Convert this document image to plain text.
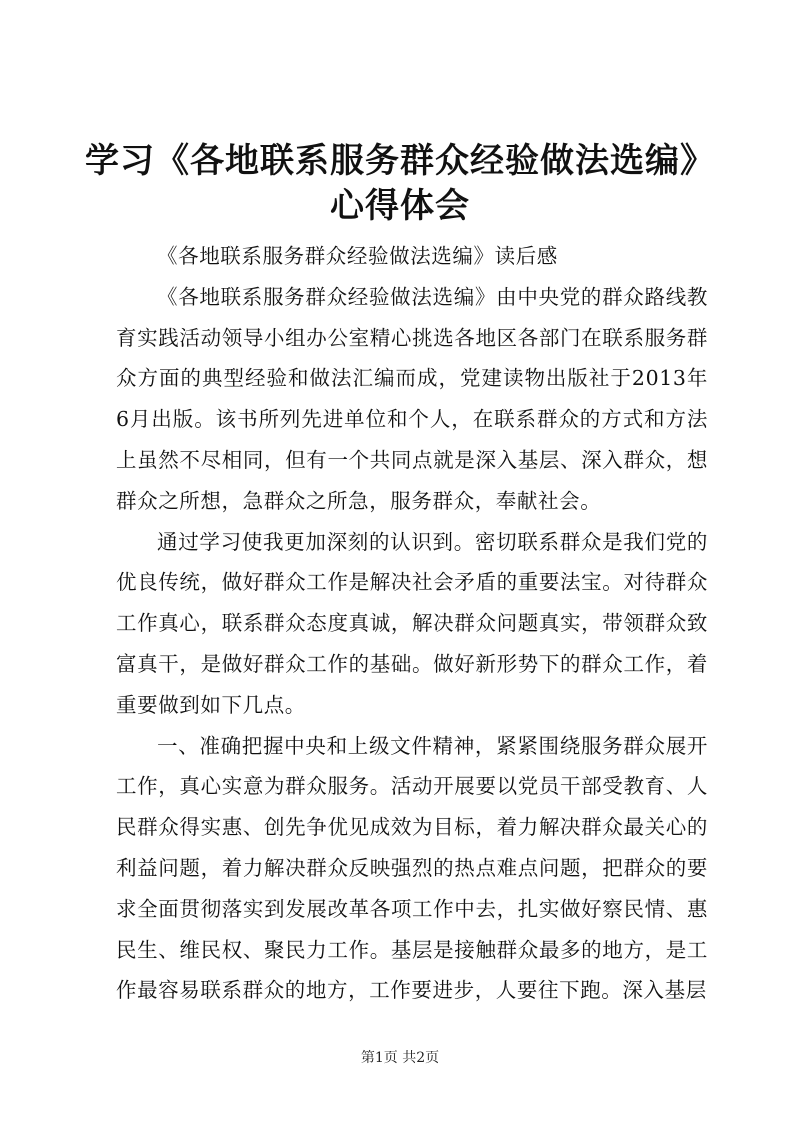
学习《各地联系服务群众经验做法选编》心得体会

《各地联系服务群众经验做法选编》读后感

《各地联系服务群众经验做法选编》由中央党的群众路线教育实践活动领导小组办公室精心挑选各地区各部门在联系服务群众方面的典型经验和做法汇编而成，党建读物出版社于2013年6月出版。该书所列先进单位和个人，在联系群众的方式和方法上虽然不尽相同，但有一个共同点就是深入基层、深入群众，想群众之所想，急群众之所急，服务群众，奉献社会。

通过学习使我更加深刻的认识到。密切联系群众是我们党的优良传统，做好群众工作是解决社会矛盾的重要法宝。对待群众工作真心，联系群众态度真诚，解决群众问题真实，带领群众致富真干，是做好群众工作的基础。做好新形势下的群众工作，着重要做到如下几点。

一、准确把握中央和上级文件精神，紧紧围绕服务群众展开工作，真心实意为群众服务。活动开展要以党员干部受教育、人民群众得实惠、创先争优见成效为目标，着力解决群众最关心的利益问题，着力解决群众反映强烈的热点难点问题，把群众的要求全面贯彻落实到发展改革各项工作中去，扎实做好察民情、惠民生、维民权、聚民力工作。基层是接触群众最多的地方，是工作最容易联系群众的地方，工作要进步，人要往下跑。深入基层

第1页 共2页
